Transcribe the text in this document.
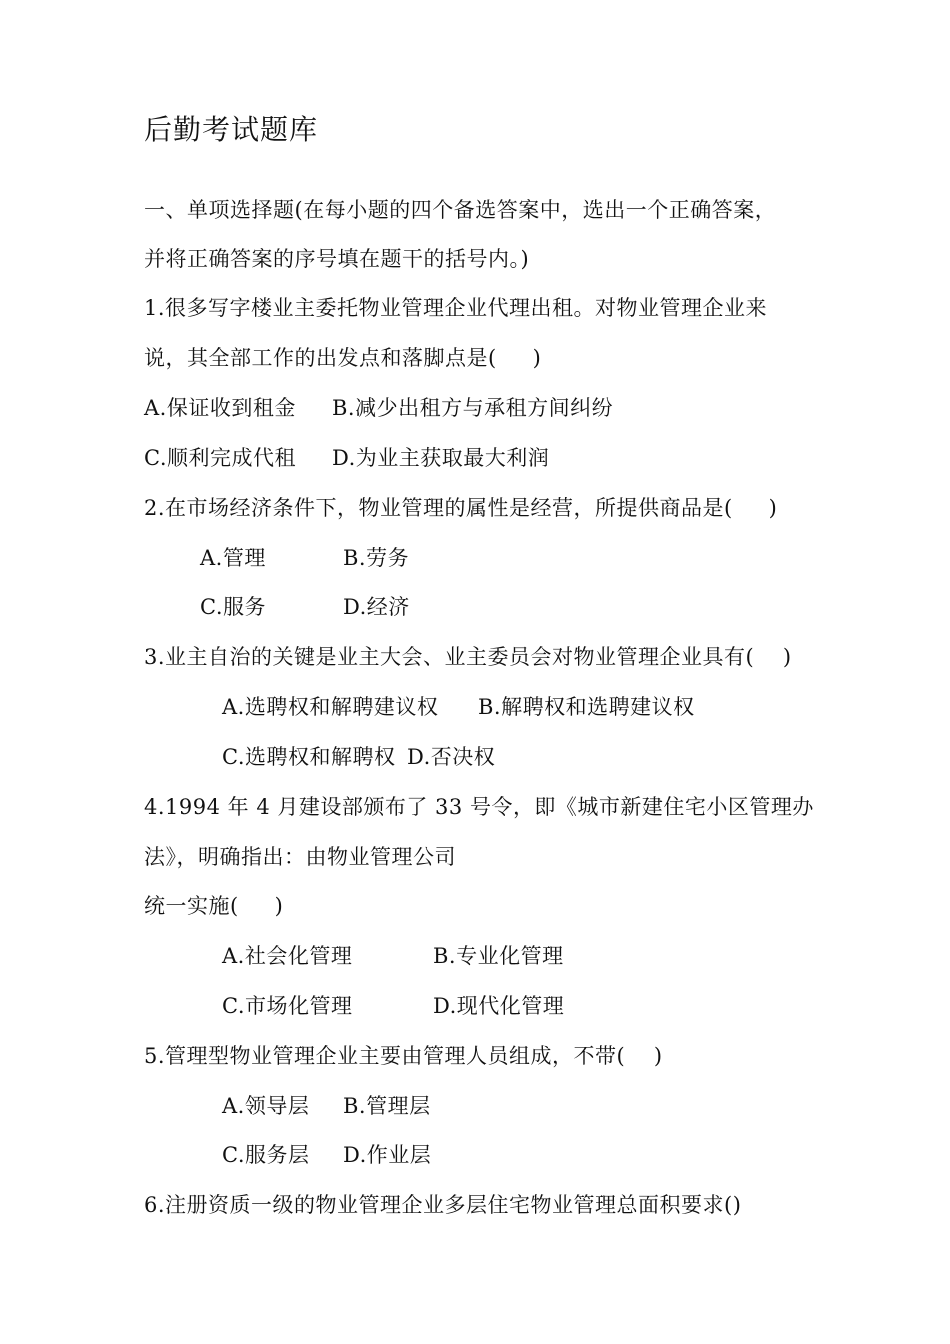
后勤考试题库
一、单项选择题(在每小题的四个备选答案中，选出一个正确答案，
并将正确答案的序号填在题干的括号内。)
1.很多写字楼业主委托物业管理企业代理出租。对物业管理企业来
说，其全部工作的出发点和落脚点是(     )
A.保证收到租金 B.减少出租方与承租方间纠纷
C.顺利完成代租 D.为业主获取最大利润
2.在市场经济条件下，物业管理的属性是经营，所提供商品是(     )
A.管理	B.劳务
C.服务	D.经济
3.业主自治的关键是业主大会、业主委员会对物业管理企业具有(    )
A.选聘权和解聘建议权 B.解聘权和选聘建议权
C.选聘权和解聘权 D.否决权
4.1994 年 4 月建设部颁布了 33 号令，即《城市新建住宅小区管理办
法》，明确指出：由物业管理公司
统一实施(     )
A.社会化管理	B.专业化管理
C.市场化管理	D.现代化管理
5.管理型物业管理企业主要由管理人员组成，不带(    )
A.领导层 B.管理层
C.服务层 D.作业层
6.注册资质一级的物业管理企业多层住宅物业管理总面积要求()
